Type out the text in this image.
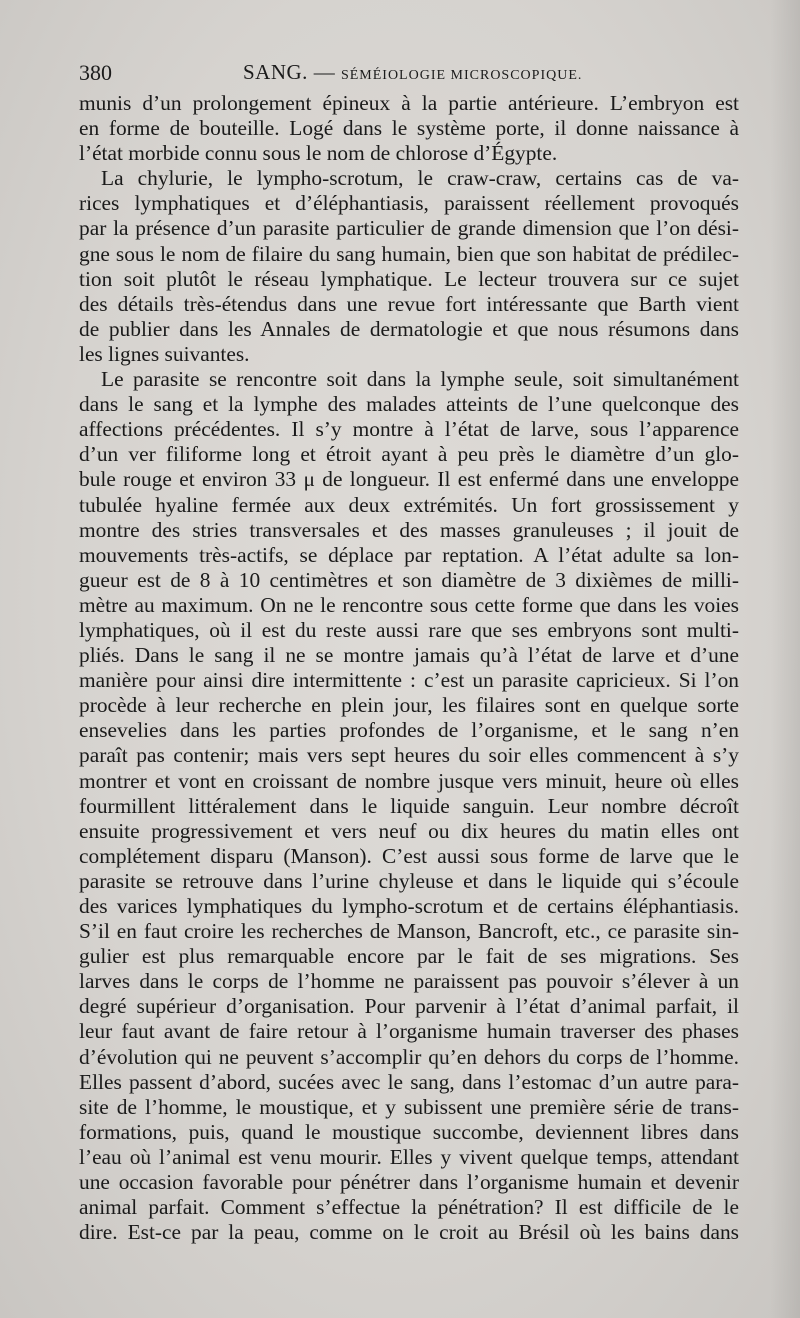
380	SANG. — SÉMÉIOLOGIE MICROSCOPIQUE.
munis d’un prolongement épineux à la partie antérieure. L’embryon est
en forme de bouteille. Logé dans le système porte, il donne naissance à
l’état morbide connu sous le nom de chlorose d’Égypte.
La chylurie, le lympho-scrotum, le craw-craw, certains cas de va-
rices lymphatiques et d’éléphantiasis, paraissent réellement provoqués
par la présence d’un parasite particulier de grande dimension que l’on dési-
gne sous le nom de filaire du sang humain, bien que son habitat de prédilec-
tion soit plutôt le réseau lymphatique. Le lecteur trouvera sur ce sujet
des détails très-étendus dans une revue fort intéressante que Barth vient
de publier dans les Annales de dermatologie et que nous résumons dans
les lignes suivantes.
Le parasite se rencontre soit dans la lymphe seule, soit simultanément
dans le sang et la lymphe des malades atteints de l’une quelconque des
affections précédentes. Il s’y montre à l’état de larve, sous l’apparence
d’un ver filiforme long et étroit ayant à peu près le diamètre d’un glo-
bule rouge et environ 33 μ de longueur. Il est enfermé dans une enveloppe
tubulée hyaline fermée aux deux extrémités. Un fort grossissement y
montre des stries transversales et des masses granuleuses ; il jouit de
mouvements très-actifs, se déplace par reptation. A l’état adulte sa lon-
gueur est de 8 à 10 centimètres et son diamètre de 3 dixièmes de milli-
mètre au maximum. On ne le rencontre sous cette forme que dans les voies
lymphatiques, où il est du reste aussi rare que ses embryons sont multi-
pliés. Dans le sang il ne se montre jamais qu’à l’état de larve et d’une
manière pour ainsi dire intermittente : c’est un parasite capricieux. Si l’on
procède à leur recherche en plein jour, les filaires sont en quelque sorte
ensevelies dans les parties profondes de l’organisme, et le sang n’en
paraît pas contenir; mais vers sept heures du soir elles commencent à s’y
montrer et vont en croissant de nombre jusque vers minuit, heure où elles
fourmillent littéralement dans le liquide sanguin. Leur nombre décroît
ensuite progressivement et vers neuf ou dix heures du matin elles ont
complétement disparu (Manson). C’est aussi sous forme de larve que le
parasite se retrouve dans l’urine chyleuse et dans le liquide qui s’écoule
des varices lymphatiques du lympho-scrotum et de certains éléphantiasis.
S’il en faut croire les recherches de Manson, Bancroft, etc., ce parasite sin-
gulier est plus remarquable encore par le fait de ses migrations. Ses
larves dans le corps de l’homme ne paraissent pas pouvoir s’élever à un
degré supérieur d’organisation. Pour parvenir à l’état d’animal parfait, il
leur faut avant de faire retour à l’organisme humain traverser des phases
d’évolution qui ne peuvent s’accomplir qu’en dehors du corps de l’homme.
Elles passent d’abord, sucées avec le sang, dans l’estomac d’un autre para-
site de l’homme, le moustique, et y subissent une première série de trans-
formations, puis, quand le moustique succombe, deviennent libres dans
l’eau où l’animal est venu mourir. Elles y vivent quelque temps, attendant
une occasion favorable pour pénétrer dans l’organisme humain et devenir
animal parfait. Comment s’effectue la pénétration? Il est difficile de le
dire. Est-ce par la peau, comme on le croit au Brésil où les bains dans
